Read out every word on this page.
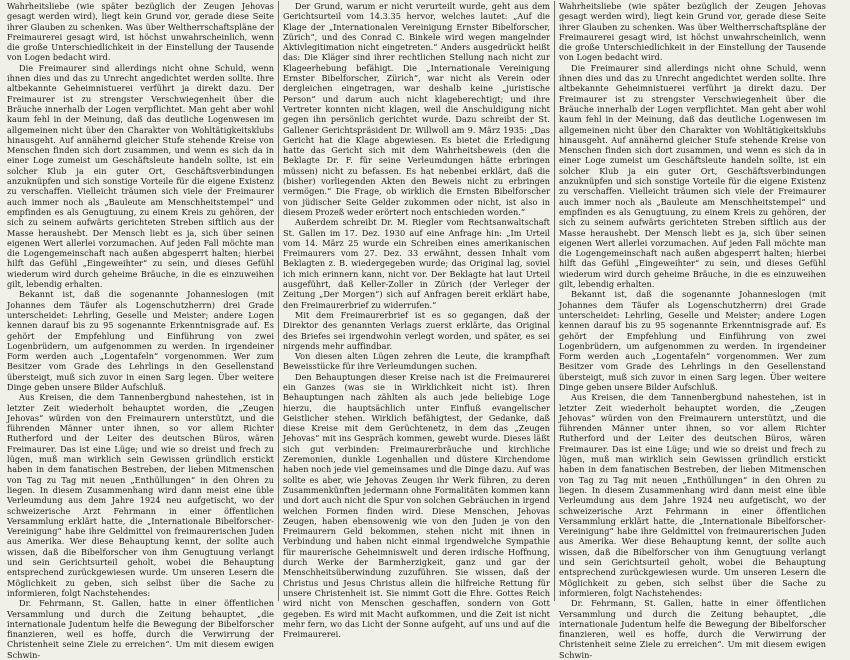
Wahrheitsliebe (wie später bezüglich der Zeugen Jehovas gesagt werden wird), liegt kein Grund vor, gerade diese Seite ihrer Glauben zu schenken. Was über Weltherrschaftspläne der Freimaurerei gesagt wird, ist höchst unwahrscheinlich, wenn die große Unterschiedlichkeit in der Einstellung der Tausende von Logen bedacht wird.

Die Freimaurer sind allerdings nicht ohne Schuld, wenn ihnen dies und das zu Unrecht angedichtet werden sollte. Ihre altbekannte Geheimnistuerei verführt ja direkt dazu. Der Freimaurer ist zu strengster Verschwiegenheit über die Bräuche innerhalb der Logen verpflichtet. Man geht aber wohl kaum fehl in der Meinung, daß das deutliche Logenwesen im allgemeinen nicht über den Charakter von Wohltätigkeitsklubs hinausgeht. Auf annähernd gleicher Stufe stehende Kreise von Menschen finden sich dort zusammen, und wenn es sich da in einer Loge zumeist um Geschäftsleute handeln sollte, ist ein solcher Klub ja ein guter Ort, Geschäftsverbindungen anzuknüpfen und sich sonstige Vorteile für die eigene Existenz zu verschaffen. Vielleicht träumen sich viele der Freimaurer auch immer noch als „Bauleute am Menschheitstempel“ und empfinden es als Genugtuung, zu einem Kreis zu gehören, der sich zu seinem aufwärts gerichteten Streben siftlich aus der Masse heraushebt. Der Mensch liebt es ja, sich über seinen eigenen Wert allerlei vorzumachen. Auf jeden Fall möchte man die Logengemeinschaft nach außen abgesperrt halten; hierbei hilft das Gefühl „Eingeweihter“ zu sein, und dieses Gefühl wiederum wird durch geheime Bräuche, in die es einzuweihen gilt, lebendig erhalten.

Bekannt ist, daß die sogenannte Johanneslogen (mit Johannes dem Täufer als Logenschutzherrn) drei Grade unterscheidet: Lehrling, Geselle und Meister; andere Logen kennen darauf bis zu 95 sogenannte Erkenntnisgrade auf. Es gehört der Empfehlung und Einführung von zwei Logenbrüdern, um aufgenommen zu werden. In irgendeiner Form werden auch „Logentafeln“ vorgenommen. Wer zum Besitzer vom Grade des Lehrlings in den Gesellenstand übersteigt, muß sich zuvor in einen Sarg legen. Über weitere Dinge geben unsere Bilder Aufschluß.

Aus Kreisen, die dem Tannenbergbund nahestehen, ist in letzter Zeit wiederholt behauptet worden, die „Zeugen Jehovas“ würden von den Freimaurern unterstützt, und die führenden Männer unter ihnen, so vor allem Richter Rutherford und der Leiter des deutschen Büros, wären Freimaurer. Das ist eine Lüge; und wie so dreist und frech zu lügen, muß man wirklich sein Gewissen gründlich erstickt haben in dem fanatischen Bestreben, der lieben Mitmenschen von Tag zu Tag mit neuen „Enthüllungen“ in den Ohren zu liegen. In diesem Zusammenhang wird dann meist eine üble Verleumdung aus dem Jahre 1924 neu aufgetischt, wo der schweizerische Arzt Fehrmann in einer öffentlichen Versammlung erklärt hatte, die „Internationale Bibelforscher-Vereinigung“ habe ihre Geldmittel von freimaurerischen Juden aus Amerika. Wer diese Behauptung kennt, der sollte auch wissen, daß die Bibelforscher von ihm Genugtuung verlangt und sein Gerichtsurteil geholt, wobei die Behauptung entsprechend zurückgewiesen wurde. Um unseren Lesern die Möglichkeit zu geben, sich selbst über die Sache zu informieren, folgt Nachstehendes:

Dr. Fehrmann, St. Gallen, hatte in einer öffentlichen Versammlung und durch die Zeitung behauptet, „die internationale Judentum helfe die Bewegung der Bibelforscher finanzieren, weil es hoffe, durch die Verwirrung der Christenheit seine Ziele zu erreichen“. Um mit diesem ewigen Schwin-

Der Grund, warum er nicht verurteilt wurde, geht aus dem Gerichtsurteil vom 14.3.35 hervor, welches lautet: „Auf die Klage der „Internationalen Vereinigung Ernster Bibelforscher, Zürich“, und des Conrad C. Binkele wird wegen mangelnder Aktivlegitimation nicht eingetreten.“ Anders ausgedrückt heißt das: Die Kläger sind ihrer rechtlichen Stellung nach nicht zur Klageerhebung befähigt. Die „Internationale Vereinigung Ernster Bibelforscher, Zürich“, war nicht als Verein oder dergleichen eingetragen, war deshalb keine „juristische Person“ und darum auch nicht klageberechtigt; und ihre Vertreter konnten nicht klagen, weil die Anschuldigung nicht gegen ihn persönlich gerichtet wurde. Dazu schreibt der St. Gallener Gerichtspräsident Dr. Willwoll am 9. März 1935: „Das Gericht hat die Klage abgewiesen. Es bietet die Erledigung hatte das Gericht sich mit dem Wahrheitsbeweis (den die Beklagte Dr. F. für seine Verleumdungen hätte erbringen müssen) nicht zu befassen. Es hat nebenbei erklärt, daß die (bisher) vorliegenden Akten den Beweis nicht zu erbringen vermögen.“ Die Frage, ob wirklich die Ernsten Bibelforscher von jüdischer Seite Gelder zukommen oder nicht, ist also in diesem Prozeß weder erörtert noch entschieden worden.“

Außerdem schreibt Dr. M. Riegler vom Rechtsanwaltschaft St. Gallen im 17. Dez. 1930 auf eine Anfrage hin: „Im Urteil vom 14. März 25 wurde ein Schreiben eines amerikanischen Freimaurers vom 27. Dez. 33 erwähnt, dessen Inhalt vom Beklagten z. B. wiedergegeben wurde; das Original lag, soviel ich mich erinnern kann, nicht vor. Der Beklagte hat laut Urteil ausgeführt, daß Keller-Zoller in Zürich (der Verleger der Zeitung „Der Morgen“) sich auf Anfragen bereit erklärt habe, den Freimaurerbrief zu widerrufen.“

Mit dem Freimaurerbrief ist es so gegangen, daß der Direktor des genannten Verlags zuerst erklärte, das Original des Briefes sei irgendwohin verlegt worden, und später, es sei nirgends mehr auffindbar.

Von diesen alten Lügen zehren die Leute, die krampfhaft Beweisstücke für ihre Verleumdungen suchen.

Den Behauptungen dieser Kreise nach ist die Freimaurerei ein Ganzes (was sie in Wirklichkeit nicht ist). Ihren Behauptungen nach zählten als auch jede beliebige Loge hierzu, die hauptsächlich unter Einfluß evangelischer Geistlicher stehen. Wirklich befähigtest, der Gedanke, daß diese Kreise mit dem Gerüchtenetz, in dem das „Zeugen Jehovas“ mit ins Gespräch kommen, gewebt wurde. Dieses läßt sich gut verbinden: Freimaurerbräuche und kirchliche Zeremonien, dunkle Logenhallen und düstere Kirchendome haben noch jede viel gemeinsames und die Dinge dazu. Auf was sollte es aber, wie Jehovas Zeugen ihr Werk führen, zu deren Zusammenkünften jedermann ohne Formalitäten kommen kann und dort auch nicht die Spur von solchen Gebräuchen in irgend welchen Formen finden wird. Diese Menschen, Jehovas Zeugen, haben ebensowenig wie von den Juden je von den Freimaurern Geld bekommen, stehen nicht mit ihnen in Verbindung und haben nicht einmal irgendwelche Sympathie für maurerische Geheimniswelt und deren irdische Hoffnung, durch Werke der Barmherzigkeit, ganz und gar der Menschheitsüberwindung zuzuführen. Sie wissen, daß der Christus und Jesus Christus allein die hilfreiche Rettung für unsere Christenheit ist. Sie nimmt Gott die Ehre. Gottes Reich wird nicht von Menschen geschaffen, sondern von Gott gegeben. Es wird mit Macht aufkommen, und die Zeit ist nicht mehr fern, wo das Licht der Sonne aufgeht, auf uns und auf die Freimaurerei.

Wahrheitsliebe (wie später bezüglich der Zeugen Jehovas gesagt werden wird), liegt kein Grund vor, gerade diese Seite ihrer Glauben zu schenken. Was über Weltherrschaftspläne der Freimaurerei gesagt wird, ist höchst unwahrscheinlich, wenn die große Unterschiedlichkeit in der Einstellung der Tausende von Logen bedacht wird.

Die Freimaurer sind allerdings nicht ohne Schuld, wenn ihnen dies und das zu Unrecht angedichtet werden sollte. Ihre altbekannte Geheimnistuerei verführt ja direkt dazu. Der Freimaurer ist zu strengster Verschwiegenheit über die Bräuche innerhalb der Logen verpflichtet. Man geht aber wohl kaum fehl in der Meinung, daß das deutliche Logenwesen im allgemeinen nicht über den Charakter von Wohltätigkeitsklubs hinausgeht. Auf annähernd gleicher Stufe stehende Kreise von Menschen finden sich dort zusammen, und wenn es sich da in einer Loge zumeist um Geschäftsleute handeln sollte, ist ein solcher Klub ja ein guter Ort, Geschäftsverbindungen anzuknüpfen und sich sonstige Vorteile für die eigene Existenz zu verschaffen. Vielleicht träumen sich viele der Freimaurer auch immer noch als „Bauleute am Menschheitstempel“ und empfinden es als Genugtuung, zu einem Kreis zu gehören, der sich zu seinem aufwärts gerichteten Streben siftlich aus der Masse heraushebt. Der Mensch liebt es ja, sich über seinen eigenen Wert allerlei vorzumachen. Auf jeden Fall möchte man die Logengemeinschaft nach außen abgesperrt halten; hierbei hilft das Gefühl „Eingeweihter“ zu sein, und dieses Gefühl wiederum wird durch geheime Bräuche, in die es einzuweihen gilt, lebendig erhalten.

Bekannt ist, daß die sogenannte Johanneslogen (mit Johannes dem Täufer als Logenschutzherrn) drei Grade unterscheidet: Lehrling, Geselle und Meister; andere Logen kennen darauf bis zu 95 sogenannte Erkenntnisgrade auf. Es gehört der Empfehlung und Einführung von zwei Logenbrüdern, um aufgenommen zu werden. In irgendeiner Form werden auch „Logentafeln“ vorgenommen. Wer zum Besitzer vom Grade des Lehrlings in den Gesellenstand übersteigt, muß sich zuvor in einen Sarg legen. Über weitere Dinge geben unsere Bilder Aufschluß.

Aus Kreisen, die dem Tannenbergbund nahestehen, ist in letzter Zeit wiederholt behauptet worden, die „Zeugen Jehovas“ würden von den Freimaurern unterstützt, und die führenden Männer unter ihnen, so vor allem Richter Rutherford und der Leiter des deutschen Büros, wären Freimaurer. Das ist eine Lüge; und wie so dreist und frech zu lügen, muß man wirklich sein Gewissen gründlich erstickt haben in dem fanatischen Bestreben, der lieben Mitmenschen von Tag zu Tag mit neuen „Enthüllungen“ in den Ohren zu liegen. In diesem Zusammenhang wird dann meist eine üble Verleumdung aus dem Jahre 1924 neu aufgetischt, wo der schweizerische Arzt Fehrmann in einer öffentlichen Versammlung erklärt hatte, die „Internationale Bibelforscher-Vereinigung“ habe ihre Geldmittel von freimaurerischen Juden aus Amerika. Wer diese Behauptung kennt, der sollte auch wissen, daß die Bibelforscher von ihm Genugtuung verlangt und sein Gerichtsurteil geholt, wobei die Behauptung entsprechend zurückgewiesen wurde. Um unseren Lesern die Möglichkeit zu geben, sich selbst über die Sache zu informieren, folgt Nachstehendes:

Dr. Fehrmann, St. Gallen, hatte in einer öffentlichen Versammlung und durch die Zeitung behauptet, „die internationale Judentum helfe die Bewegung der Bibelforscher finanzieren, weil es hoffe, durch die Verwirrung der Christenheit seine Ziele zu erreichen“. Um mit diesem ewigen Schwin-
